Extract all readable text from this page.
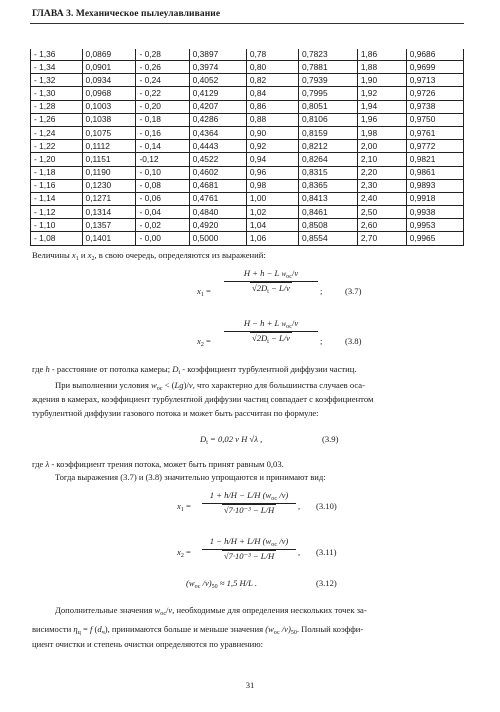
ГЛАВА 3. Механическое пылеулавливание
- 1,36	0,0869	- 0,28	0,3897	0,78	0,7823	1,86	0,9686
- 1,34	0,0901	- 0,26	0,3974	0,80	0,7881	1,88	0,9699
- 1,32	0,0934	- 0,24	0,4052	0,82	0,7939	1,90	0,9713
- 1,30	0,0968	- 0,22	0,4129	0,84	0,7995	1,92	0,9726
- 1,28	0,1003	- 0,20	0,4207	0,86	0,8051	1,94	0,9738
- 1,26	0,1038	- 0,18	0,4286	0,88	0,8106	1,96	0,9750
- 1,24	0,1075	- 0,16	0,4364	0,90	0,8159	1,98	0,9761
- 1,22	0,1112	- 0,14	0,4443	0,92	0,8212	2,00	0,9772
- 1,20	0,1151	-0,12	0,4522	0,94	0,8264	2,10	0,9821
- 1,18	0,1190	- 0,10	0,4602	0,96	0,8315	2,20	0,9861
- 1,16	0,1230	- 0,08	0,4681	0,98	0,8365	2,30	0,9893
- 1,14	0,1271	- 0,06	0,4761	1,00	0,8413	2,40	0,9918
- 1,12	0,1314	- 0,04	0,4840	1,02	0,8461	2,50	0,9938
- 1,10	0,1357	- 0,02	0,4920	1,04	0,8508	2,60	0,9953
- 1,08	0,1401	- 0,00	0,5000	1,06	0,8554	2,70	0,9965
Величины $x_1$ и $x_2$, в свою очередь, определяются из выражений:
$x_1$ =
H + h − L $w_{ос}/v$
$√2D_t - L/v$	;	(3.7)
$x_2$ =
H − h + L $w_{ос}/v$
$√2D_t - L/v$	;	(3.8)
где h - расстояние от потолка камеры; $D_t$ - коэффициент турбулентной диффузии частиц.
При выполнении условия $w_{ос} < (Lg)/v$, что характерно для большинства случаев оса-
ждения в камерах, коэффициент турбулентной диффузии частиц совпадает с коэффициентом
турбулентной диффузии газового потока и может быть рассчитан по формуле:
$D_t = 0,02$ v H √λ ,	(3.9)
где λ - коэффициент трения потока, может быть принят равным 0,03.
Тогда выражения (3.7) и (3.8) значительно упрощаются и принимают вид:
$x_1$ =
1 + h/H − L/H ($w_{ос}$ /v)
√7·10⁻³ − L/H	, (3.10)
$x_2$ =
1 − h/H + L/H ($w_{ос}$ /v)
√7·10⁻³ − L/H	, (3.11)
($w_{ос}$ $/v)_{50} \approx 1,5$ H/L .	(3.12)
Дополнительные значения $w_{ос}/v$, необходимые для определения нескольких точек за-
висимости $\eta_ц = f$ $(d_ч)$, принимаются больше и меньше значения ($w_{ос}$ $/v)_{50}$. Полный коэффи-
циент очистки и степень очистки определяются по уравнению:
31
